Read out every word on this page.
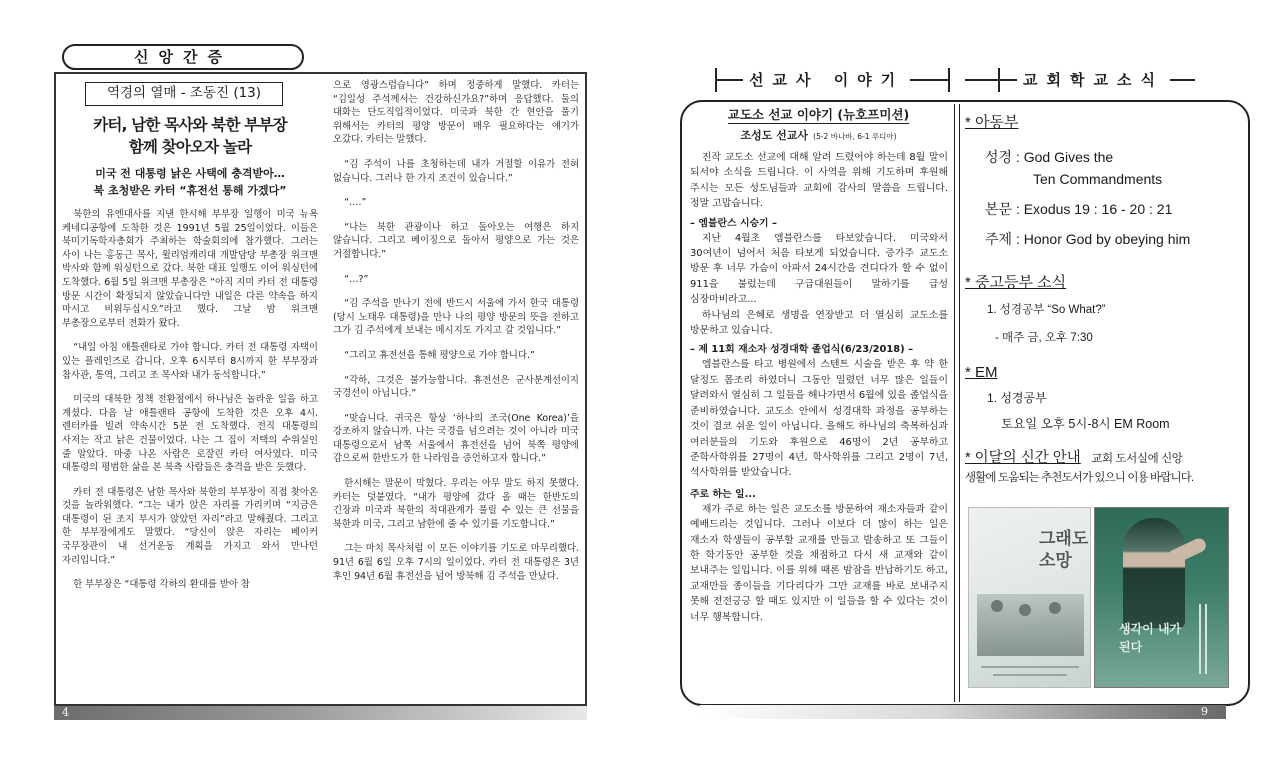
신앙간증
역경의 열매 - 조동진 (13)
카터, 남한 목사와 북한 부부장
함께 찾아오자 놀라
미국 전 대통령 낡은 사택에 충격받아…
북 초청받은 카터 “휴전선 통해 가겠다”

북한의 유엔대사를 지낸 한시해 부부장 일행이 미국 뉴욕 케네디공항에 도착한 것은 1991년 5월 25일이었다. 이들은 북미기독학자총회가 주최하는 학술회의에 참가했다. 그러는 사이 나는 홍동근 목사, 윌리엄캐리대 개발담당 부총장 위크맨 박사와 함께 워싱턴으로 갔다. 북한 대표 일행도 이어 워싱턴에 도착했다. 6월 5일 위크맨 부총장은 “아직 지미 카터 전 대통령 방문 시간이 확정되지 않았습니다만 내일은 다른 약속을 하지 마시고 비워두십시오”라고 했다. 그날 밤 위크맨 부총장으로부터 전화가 왔다.

“내일 아침 애틀랜타로 가야 합니다. 카터 전 대통령 자택이 있는 플레인즈로 갑니다. 오후 6시부터 8시까지 한 부부장과 참사관, 통역, 그리고 조 목사와 내가 동석합니다.”

미국의 대북한 정책 전환점에서 하나님은 놀라운 일을 하고 계셨다. 다음 날 애틀랜타 공항에 도착한 것은 오후 4시. 렌터카를 빌려 약속시간 5분 전 도착했다. 전직 대통령의 사저는 작고 낡은 건물이었다. 나는 그 집이 저택의 수위실인 줄 알았다. 마중 나온 사람은 로잘린 카터 여사였다. 미국 대통령의 평범한 삶을 본 북측 사람들은 충격을 받은 듯했다.

카터 전 대통령은 남한 목사와 북한의 부부장이 직접 찾아온 것을 놀라워했다. “그는 내가 앉은 자리를 가리키며 “지금은 대통령이 된 조지 부시가 앉았던 자리”라고 말해줬다. 그리고 한 부부장에게도 말했다. “당신이 앉은 자리는 베이커 국무장관이 내 선거운동 계획을 가지고 와서 만나던 자리입니다.”

한 부부장은 “대통령 각하의 환대를 받아 참

으로 영광스럽습니다” 하며 정중하게 말했다. 카터는 “김일성 주석께서는 건강하신가요?”하며 응답했다. 둘의 대화는 단도직입적이었다. 미국과 북한 간 현안을 풀기 위해서는 카터의 평양 방문이 매우 필요하다는 얘기가 오갔다. 카터는 말했다.

“김 주석이 나를 초청하는데 내가 거절할 이유가 전혀 없습니다. 그러나 한 가지 조건이 있습니다.”

“….”

“나는 북한 관광이나 하고 돌아오는 여행은 하지 않습니다. 그리고 베이징으로 돌아서 평양으로 가는 것은 거절합니다.”

“…?”

“김 주석을 만나기 전에 반드시 서울에 가서 한국 대통령(당시 노태우 대통령)을 만나 나의 평양 방문의 뜻을 전하고 그가 김 주석에게 보내는 메시지도 가지고 갈 것입니다.”

“그리고 휴전선을 통해 평양으로 가야 합니다.”

“각하, 그것은 불가능합니다. 휴전선은 군사분계선이지 국경선이 아닙니다.”

“맞습니다. 귀국은 항상 ‘하나의 조국(One Korea)’을 강조하지 않습니까. 나는 국경을 넘으려는 것이 아니라 미국 대통령으로서 남쪽 서울에서 휴전선을 넘어 북쪽 평양에 감으로써 한반도가 한 나라임을 증언하고자 합니다.”

한시해는 말문이 막혔다. 우리는 아무 말도 하지 못했다. 카터는 덧붙였다. “내가 평양에 갔다 올 때는 한반도의 긴장과 미국과 북한의 적대관계가 풀릴 수 있는 큰 선물을 북한과 미국, 그리고 남한에 줄 수 있기를 기도합니다.”

그는 마치 목사처럼 이 모든 이야기를 기도로 마무리했다. 91년 6월 6일 오후 7시의 일이었다. 카터 전 대통령은 3년 후인 94년 6월 휴전선을 넘어 방북해 김 주석을 만났다.

4
선교사 이야기	교회학교소식
교도소 선교 이야기 (뉴호프미션)
조성도 선교사 (5-2 바나바, 6-1 루디아)

진작 교도소 선교에 대해 알려 드렸어야 하는데 8월 말이 되서야 소식을 드립니다. 이 사역을 위해 기도하며 후원해 주시는 모든 성도님들과 교회에 감사의 말씀을 드립니다. 정말 고맙습니다.

– 엠블란스 시승기 –

지난 4월초 엠블란스를 타보았습니다. 미국와서 30여년이 넘어서 처음 타보게 되었습니다. 증가주 교도소 방문 후 너무 가슴이 아파서 24시간을 견디다가 할 수 없이 911을 불렀는데 구급대원들이 말하기를 급성 심장마비라고...

하나님의 은혜로 생명을 연장받고 더 열심히 교도소를 방문하고 있습니다.

– 제 11회 재소자 성경대학 졸업식(6/23/2018) –

엠블란스를 타고 병원에서 스텐트 시술을 받은 후 약 한 달정도 몸조리 하였더니 그동안 밀렸던 너무 많은 일들이 달려와서 열심히 그 일들을 해나가면서 6월에 있을 졸업식을 준비하였습니다. 교도소 안에서 성경대학 과정을 공부하는 것이 결코 쉬운 일이 아닙니다. 올해도 하나님의 축복하심과 여러분들의 기도와 후원으로 46명이 2년 공부하고 준학사학위를 27명이 4년, 학사학위를 그리고 2명이 7년, 석사학위를 받았습니다.

주로 하는 일...

제가 주로 하는 일은 교도소를 방문하여 재소자들과 같이 예배드리는 것입니다. 그러나 이보다 더 많이 하는 일은 재소자 학생들이 공부할 교재를 만들고 발송하고 또 그들이 한 학기동안 공부한 것을 채점하고 다시 새 교재와 같이 보내주는 일입니다. 이를 위해 때론 밤잠을 반납하기도 하고, 교재만들 종이들을 기다리다가 그만 교재를 바로 보내주지 못해 전전긍긍 할 때도 있지만 이 일들을 할 수 있다는 것이 너무 행복합니다.

* 아동부
성경 : God Gives the
Ten Commandments
본문 : Exodus 19 : 16 - 20 : 21
주제 : Honor God by obeying him
* 중고등부 소식
1. 성경공부 “So What?”
- 매주 금, 오후 7:30
* EM
1. 성경공부
토요일 오후 5시-8시 EM Room
* 이달의 신간 안내 교회 도서실에 신앙
생활에 도움되는 추천도서가 있으니 이용 바랍니다.
그래도 소망
생각이 내가 된다
9
